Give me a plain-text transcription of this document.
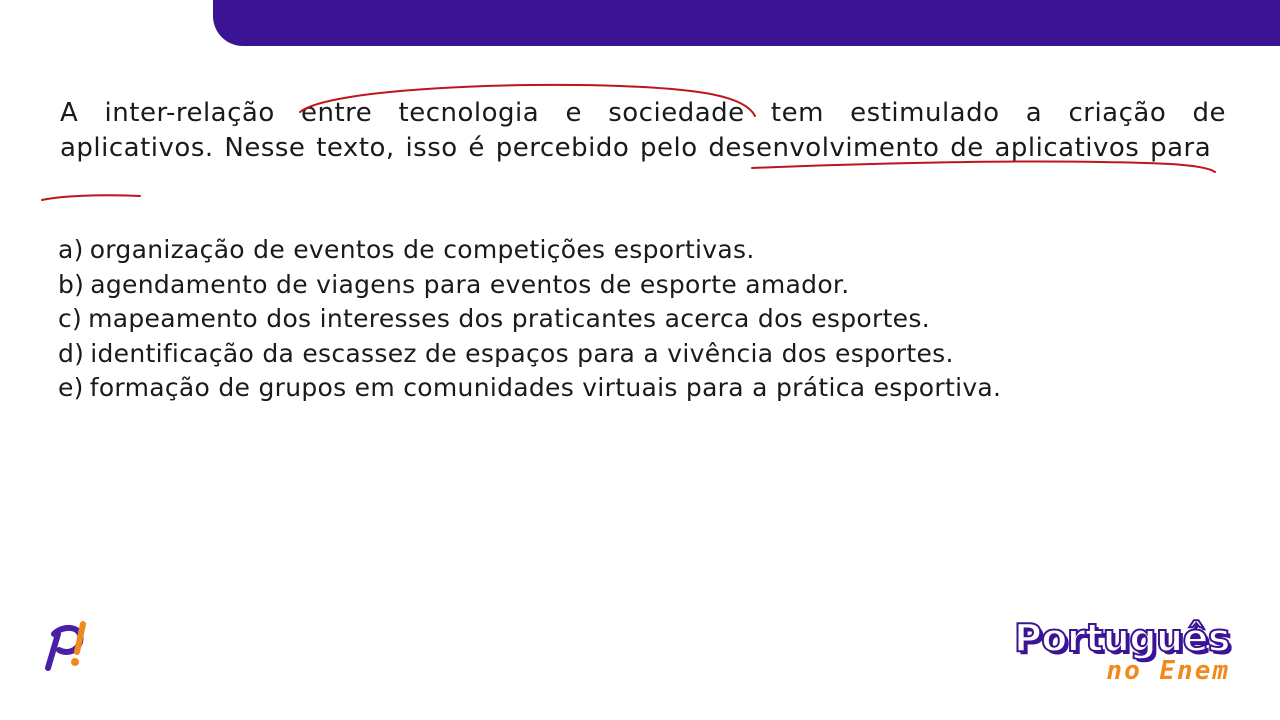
A inter-relação entre tecnologia e sociedade tem estimulado a criação de aplicativos. Nesse texto, isso é percebido pelo desenvolvimento de aplicativos para

a) organização de eventos de competições esportivas.
b) agendamento de viagens para eventos de esporte amador.
c) mapeamento dos interesses dos praticantes acerca dos esportes.
d) identificação da escassez de espaços para a vivência dos esportes.
e) formação de grupos em comunidades virtuais para a prática esportiva.
Português
no Enem
